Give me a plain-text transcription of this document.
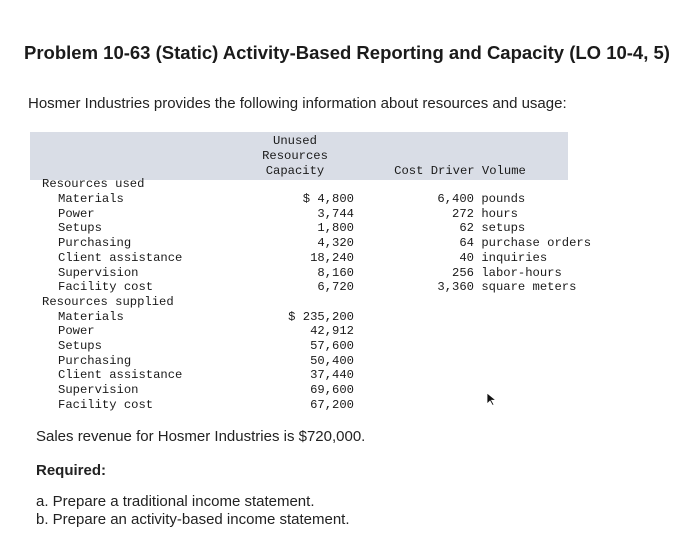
Problem 10-63 (Static) Activity-Based Reporting and Capacity (LO 10-4, 5)
Hosmer Industries provides the following information about resources and usage:
Unused
Resources
Capacity	Cost Driver Volume
Resources used
Materials	$ 4,800	6,400 pounds
Power	3,744	272 hours
Setups	1,800	62 setups
Purchasing	4,320	64 purchase orders
Client assistance	18,240	40 inquiries
Supervision	8,160	256 labor-hours
Facility cost	6,720	3,360 square meters
Resources supplied
Materials	$ 235,200
Power	42,912
Setups	57,600
Purchasing	50,400
Client assistance	37,440
Supervision	69,600
Facility cost	67,200
Sales revenue for Hosmer Industries is $720,000.
Required:
a. Prepare a traditional income statement.
b. Prepare an activity-based income statement.
